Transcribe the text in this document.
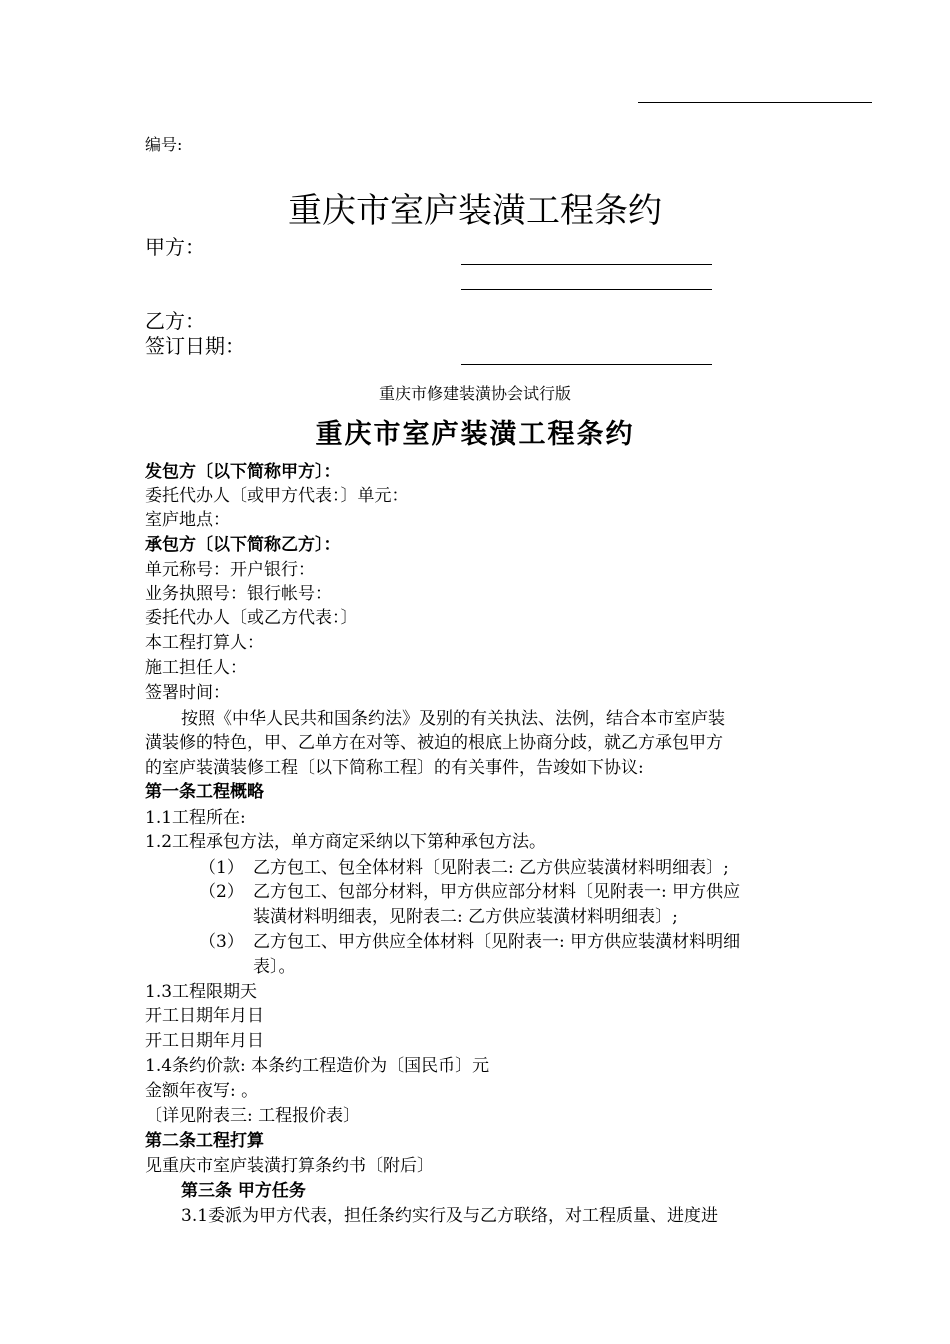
编号:
重庆市室庐装潢工程条约
甲方：
乙方：
签订日期：
重庆市修建装潢协会试行版
重庆市室庐装潢工程条约
发包方〔以下简称甲方〕：
委托代办人〔或甲方代表：〕单元：
室庐地点：
承包方〔以下简称乙方〕：
单元称号：开户银行：
业务执照号：银行帐号：
委托代办人〔或乙方代表：〕
本工程打算人：
施工担任人：
签署时间：
按照《中华人民共和国条约法》及别的有关执法、法例，结合本市室庐装
潢装修的特色，甲、乙单方在对等、被迫的根底上协商分歧，就乙方承包甲方
的室庐装潢装修工程〔以下简称工程〕的有关事件，告竣如下协议:
第一条工程概略
1.1工程所在:
1.2工程承包方法，单方商定采纳以下第种承包方法。
（1） 乙方包工、包全体材料〔见附表二: 乙方供应装潢材料明细表〕;
（2） 乙方包工、包部分材料，甲方供应部分材料〔见附表一: 甲方供应
装潢材料明细表，见附表二: 乙方供应装潢材料明细表〕;
（3） 乙方包工、甲方供应全体材料〔见附表一: 甲方供应装潢材料明细
表〕。
1.3工程限期天
开工日期年月日
开工日期年月日
1.4条约价款: 本条约工程造价为〔国民币〕元
金额年夜写: 。
〔详见附表三: 工程报价表〕
第二条工程打算
见重庆市室庐装潢打算条约书〔附后〕
第三条 甲方任务
3.1委派为甲方代表，担任条约实行及与乙方联络，对工程质量、进度进
